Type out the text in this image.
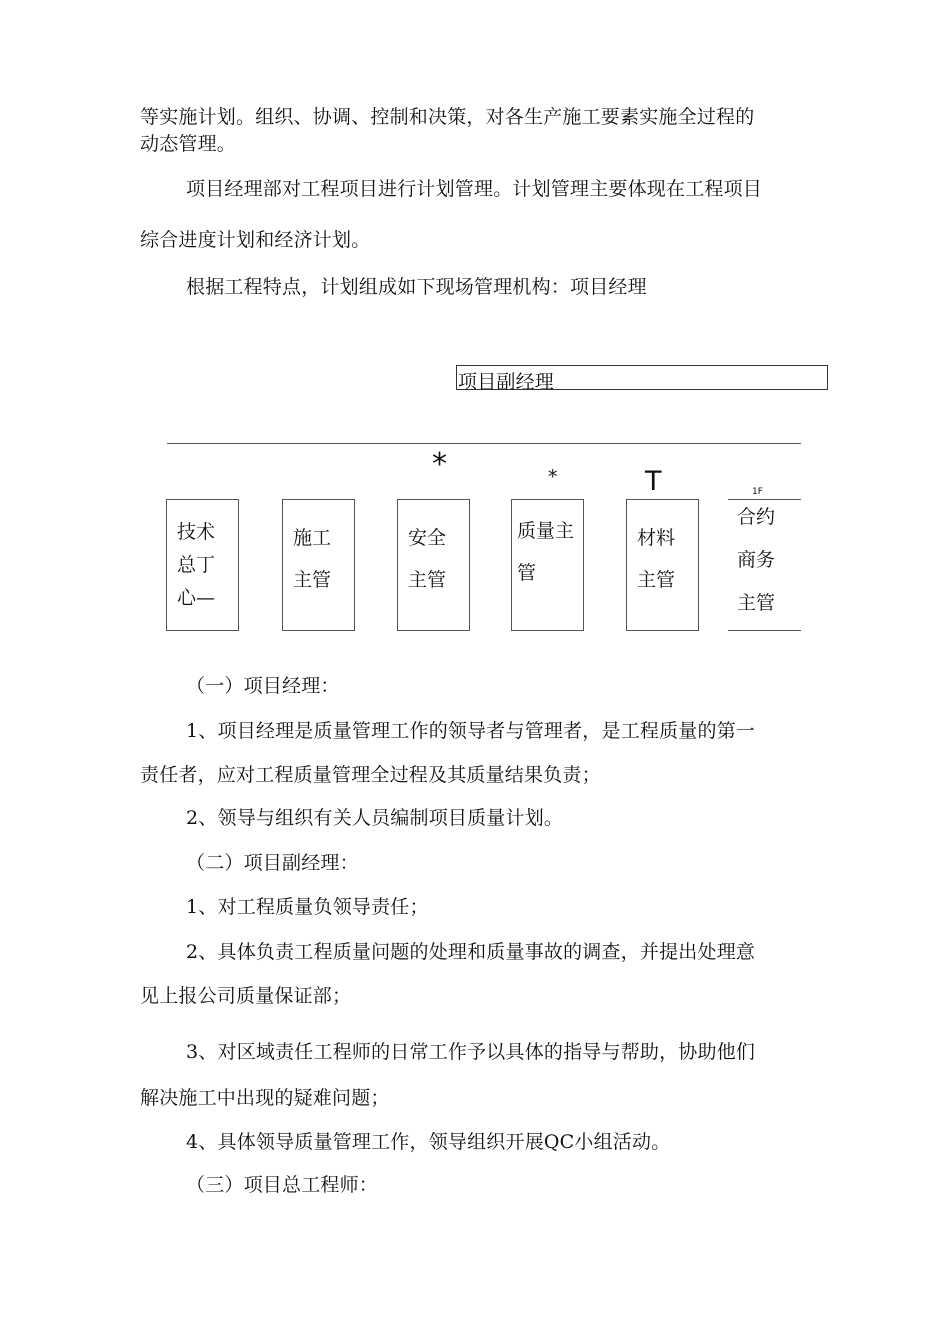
等实施计划。组织、协调、控制和决策，对各生产施工要素实施全过程的
动态管理。
项目经理部对工程项目进行计划管理。计划管理主要体现在工程项目
综合进度计划和经济计划。
根据工程特点，计划组成如下现场管理机构：项目经理
项目副经理
*	*	T	1F
技术
总丁
心—
施工
主管
安全
主管
质量主
管
材料
主管
合约
商务
主管
（一）项目经理：
1、项目经理是质量管理工作的领导者与管理者，是工程质量的第一
责任者，应对工程质量管理全过程及其质量结果负责；
2、领导与组织有关人员编制项目质量计划。
（二）项目副经理：
1、对工程质量负领导责任；
2、具体负责工程质量问题的处理和质量事故的调查，并提出处理意
见上报公司质量保证部；
3、对区域责任工程师的日常工作予以具体的指导与帮助，协助他们
解决施工中出现的疑难问题；
4、具体领导质量管理工作，领导组织开展QC小组活动。
（三）项目总工程师：
